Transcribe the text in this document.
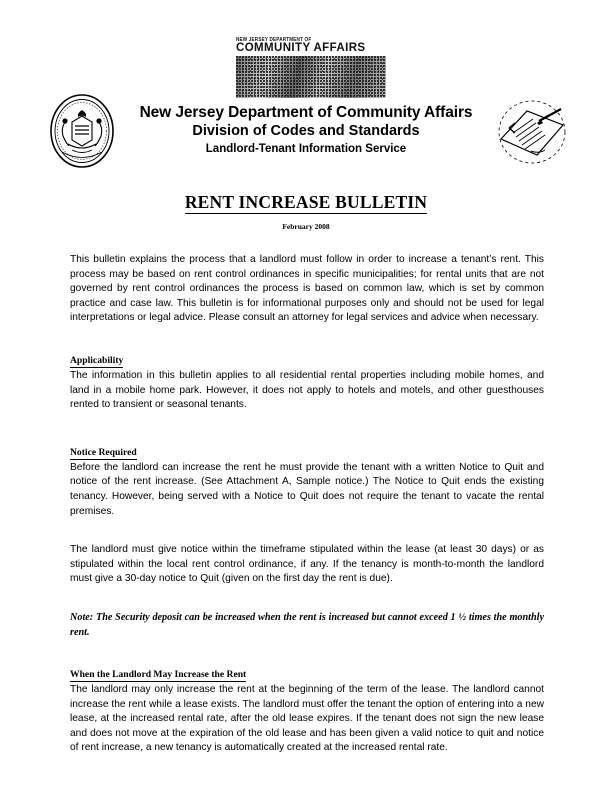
NEW JERSEY DEPARTMENT OF
COMMUNITY AFFAIRS
New Jersey Department of Community Affairs
Division of Codes and Standards
Landlord-Tenant Information Service
RENT INCREASE BULLETIN
February 2008

This bulletin explains the process that a landlord must follow in order to increase a tenant’s rent. This process may be based on rent control ordinances in specific municipalities; for rental units that are not governed by rent control ordinances the process is based on common law, which is set by common practice and case law. This bulletin is for informational purposes only and should not be used for legal interpretations or legal advice. Please consult an attorney for legal services and advice when necessary.

Applicability

The information in this bulletin applies to all residential rental properties including mobile homes, and land in a mobile home park. However, it does not apply to hotels and motels, and other guesthouses rented to transient or seasonal tenants.

Notice Required

Before the landlord can increase the rent he must provide the tenant with a written Notice to Quit and notice of the rent increase. (See Attachment A, Sample notice.) The Notice to Quit ends the existing tenancy. However, being served with a Notice to Quit does not require the tenant to vacate the rental premises.

The landlord must give notice within the timeframe stipulated within the lease (at least 30 days) or as stipulated within the local rent control ordinance, if any. If the tenancy is month-to-month the landlord must give a 30-day notice to Quit (given on the first day the rent is due).

Note: The Security deposit can be increased when the rent is increased but cannot exceed 1 ½ times the monthly rent.

When the Landlord May Increase the Rent

The landlord may only increase the rent at the beginning of the term of the lease. The landlord cannot increase the rent while a lease exists. The landlord must offer the tenant the option of entering into a new lease, at the increased rental rate, after the old lease expires. If the tenant does not sign the new lease and does not move at the expiration of the old lease and has been given a valid notice to quit and notice of rent increase, a new tenancy is automatically created at the increased rental rate.
